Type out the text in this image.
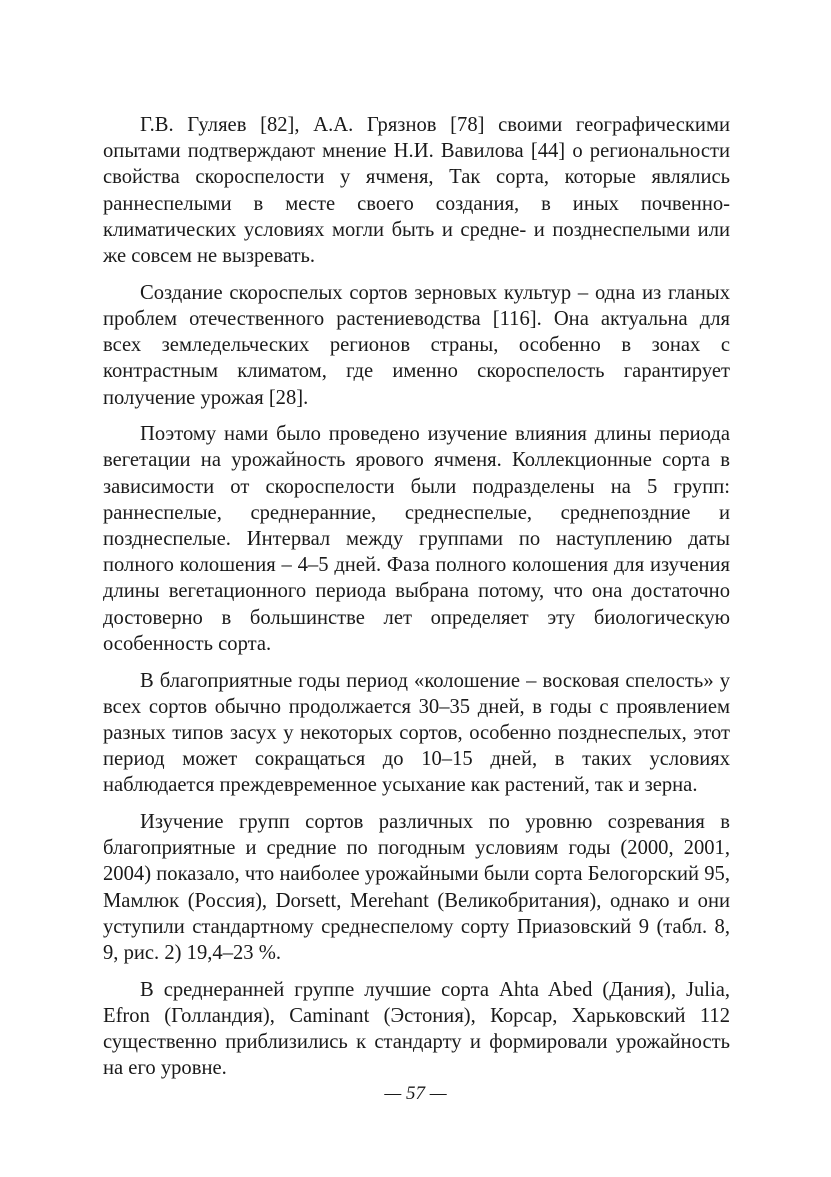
Г.В. Гуляев [82], А.А. Грязнов [78] своими географическими опытами подтверждают мнение Н.И. Вавилова [44] о региональности свойства скороспелости у ячменя, Так сорта, которые являлись раннеспелыми в месте своего создания, в иных почвенно-климатических условиях могли быть и средне- и позднеспелыми или же совсем не вызревать.

Создание скороспелых сортов зерновых культур – одна из гланых проблем отечественного растениеводства [116]. Она актуальна для всех земледельческих регионов страны, особенно в зонах с контрастным климатом, где именно скороспелость гарантирует получение урожая [28].

Поэтому нами было проведено изучение влияния длины периода вегетации на урожайность ярового ячменя. Коллекционные сорта в зависимости от скороспелости были подразделены на 5 групп: раннеспелые, среднеранние, среднеспелые, среднепоздние и позднеспелые. Интервал между группами по наступлению даты полного колошения – 4–5 дней. Фаза полного колошения для изучения длины вегетационного периода выбрана потому, что она достаточно достоверно в большинстве лет определяет эту биологическую особенность сорта.

В благоприятные годы период «колошение – восковая спелость» у всех сортов обычно продолжается 30–35 дней, в годы с проявлением разных типов засух у некоторых сортов, особенно позднеспелых, этот период может сокращаться до 10–15 дней, в таких условиях наблюдается преждевременное усыхание как растений, так и зерна.

Изучение групп сортов различных по уровню созревания в благоприятные и средние по погодным условиям годы (2000, 2001, 2004) показало, что наиболее урожайными были сорта Белогорский 95, Мамлюк (Россия), Dorsett, Merehant (Великобритания), однако и они уступили стандартному среднеспелому сорту Приазовский 9 (табл. 8, 9, рис. 2) 19,4–23 %.

В среднеранней группе лучшие сорта Ahta Abed (Дания), Julia, Efron (Голландия), Caminant (Эстония), Корсар, Харьковский 112 существенно приблизились к стандарту и формировали урожайность на его уровне.

— 57 —
